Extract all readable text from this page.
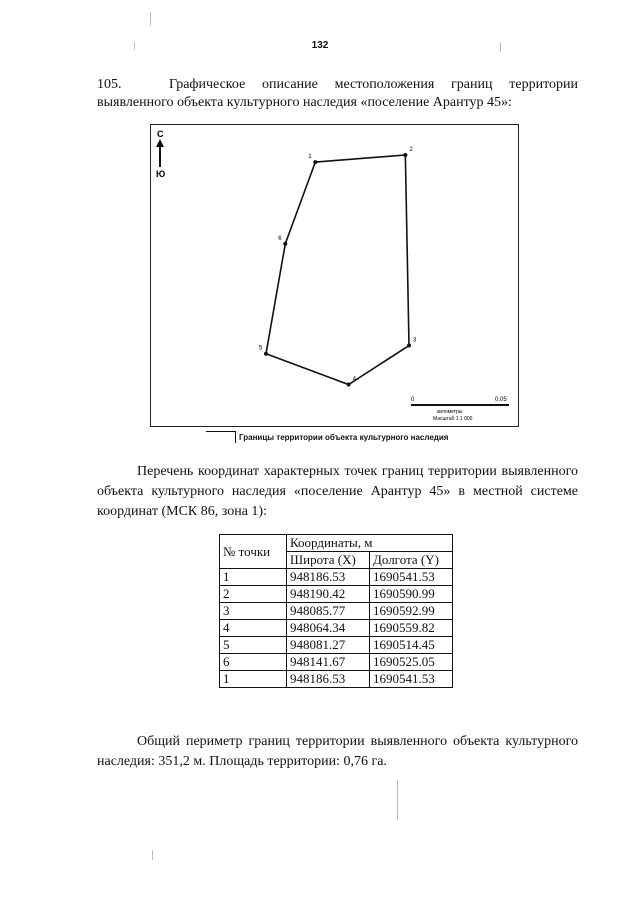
132
105.	Графическое описание местоположения границ территории выявленного объекта культурного наследия «поселение Арантур 45»:
С
Ю
1
2
3
4
5
6
0	0,05
километры
Масштаб 1:1 000
Границы территории объекта культурного наследия
Перечень координат характерных точек границ территории выявленного объекта культурного наследия «поселение Арантур 45» в местной системе координат (МСК 86, зона 1):
№ точки	Координаты, м	
	Широта (X)	Долгота (Y)
1	948186.53	1690541.53
2	948190.42	1690590.99
3	948085.77	1690592.99
4	948064.34	1690559.82
5	948081.27	1690514.45
6	948141.67	1690525.05
1	948186.53	1690541.53
Общий периметр границ территории выявленного объекта культурного наследия: 351,2 м. Площадь территории: 0,76 га.
